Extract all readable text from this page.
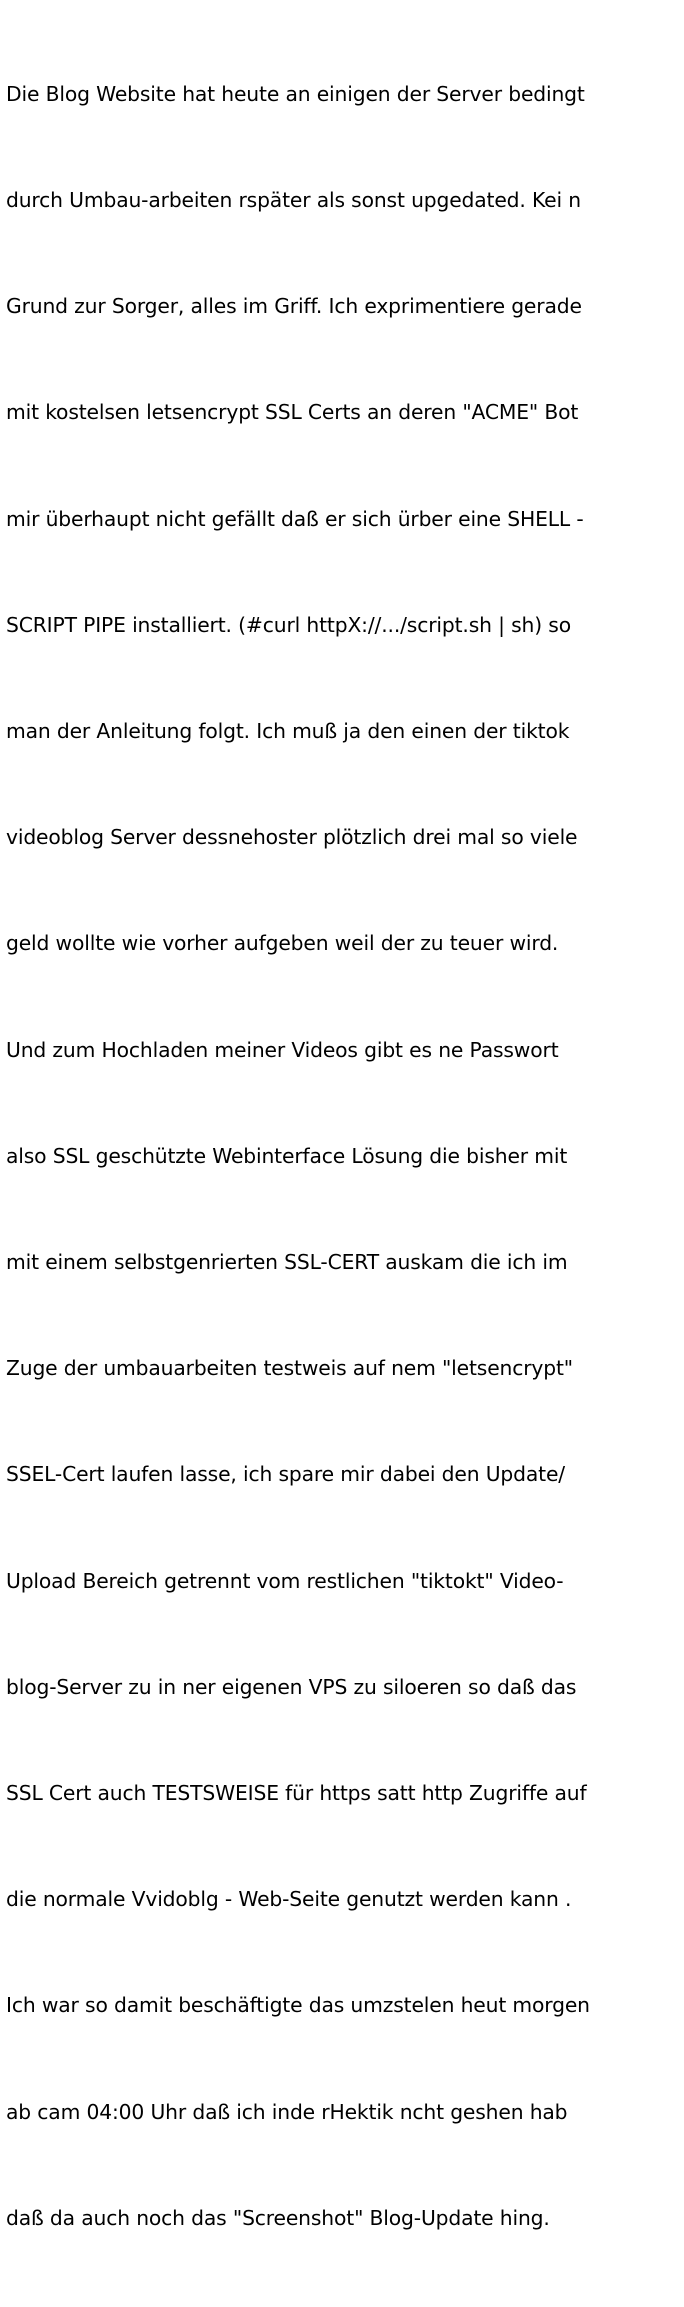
Die Blog Website hat heute an einigen der Server bedingt

durch Umbau-arbeiten rspäter als sonst upgedated. Kei n

Grund zur Sorger, alles im Griff. Ich exprimentiere gerade

mit kostelsen letsencrypt SSL Certs an deren "ACME" Bot

mir überhaupt nicht gefällt daß er sich ürber eine SHELL -

SCRIPT PIPE installiert. (#curl httpX://.../script.sh | sh) so

man der Anleitung folgt. Ich muß ja den einen der tiktok

videoblog Server dessnehoster plötzlich drei mal so viele

geld wollte wie vorher aufgeben weil der zu teuer wird.

Und zum Hochladen meiner Videos gibt es ne Passwort

also SSL geschützte Webinterface Lösung die bisher mit

mit einem selbstgenrierten SSL-CERT auskam die ich im

Zuge der umbauarbeiten testweis auf nem "letsencrypt"

SSEL-Cert laufen lasse, ich spare mir dabei den Update/

Upload Bereich getrennt vom restlichen "tiktokt" Video-

blog-Server zu in ner eigenen VPS zu siloeren so daß das

SSL Cert auch TESTSWEISE für https satt http Zugriffe auf

die normale Vvidoblg - Web-Seite genutzt werden kann .

Ich war so damit beschäftigte das umzstelen heut morgen

ab cam 04:00 Uhr daß ich inde rHektik ncht geshen hab

daß da auch noch das "Screenshot" Blog-Update hing.
